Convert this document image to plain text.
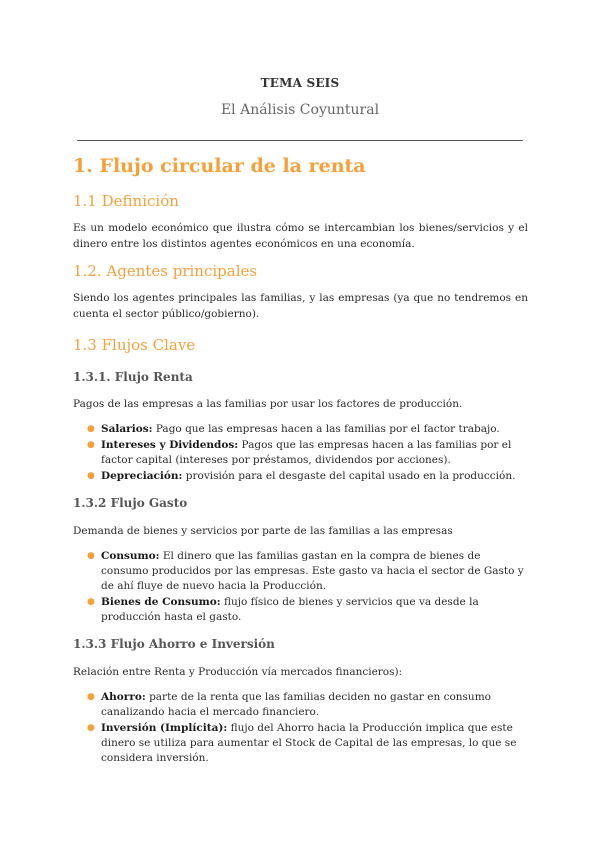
TEMA SEIS
El Análisis Coyuntural
1. Flujo circular de la renta
1.1 Definición
Es un modelo económico que ilustra cómo se intercambian los bienes/servicios y el dinero entre los distintos agentes económicos en una economía.
1.2. Agentes principales
Siendo los agentes principales las familias, y las empresas (ya que no tendremos en cuenta el sector público/gobierno).
1.3 Flujos Clave
1.3.1. Flujo Renta
Pagos de las empresas a las familias por usar los factores de producción.
● Salarios: Pago que las empresas hacen a las familias por el factor trabajo.
● Intereses y Dividendos: Pagos que las empresas hacen a las familias por el factor capital (intereses por préstamos, dividendos por acciones).
● Depreciación: provisión para el desgaste del capital usado en la producción.
1.3.2 Flujo Gasto
Demanda de bienes y servicios por parte de las familias a las empresas
● Consumo: El dinero que las familias gastan en la compra de bienes de consumo producidos por las empresas. Este gasto va hacia el sector de Gasto y de ahí fluye de nuevo hacia la Producción.
● Bienes de Consumo: flujo físico de bienes y servicios que va desde la producción hasta el gasto.
1.3.3 Flujo Ahorro e Inversión
Relación entre Renta y Producción vía mercados financieros):
● Ahorro: parte de la renta que las familias deciden no gastar en consumo canalizando hacia el mercado financiero.
● Inversión (Implícita): flujo del Ahorro hacia la Producción implica que este dinero se utiliza para aumentar el Stock de Capital de las empresas, lo que se considera inversión.
